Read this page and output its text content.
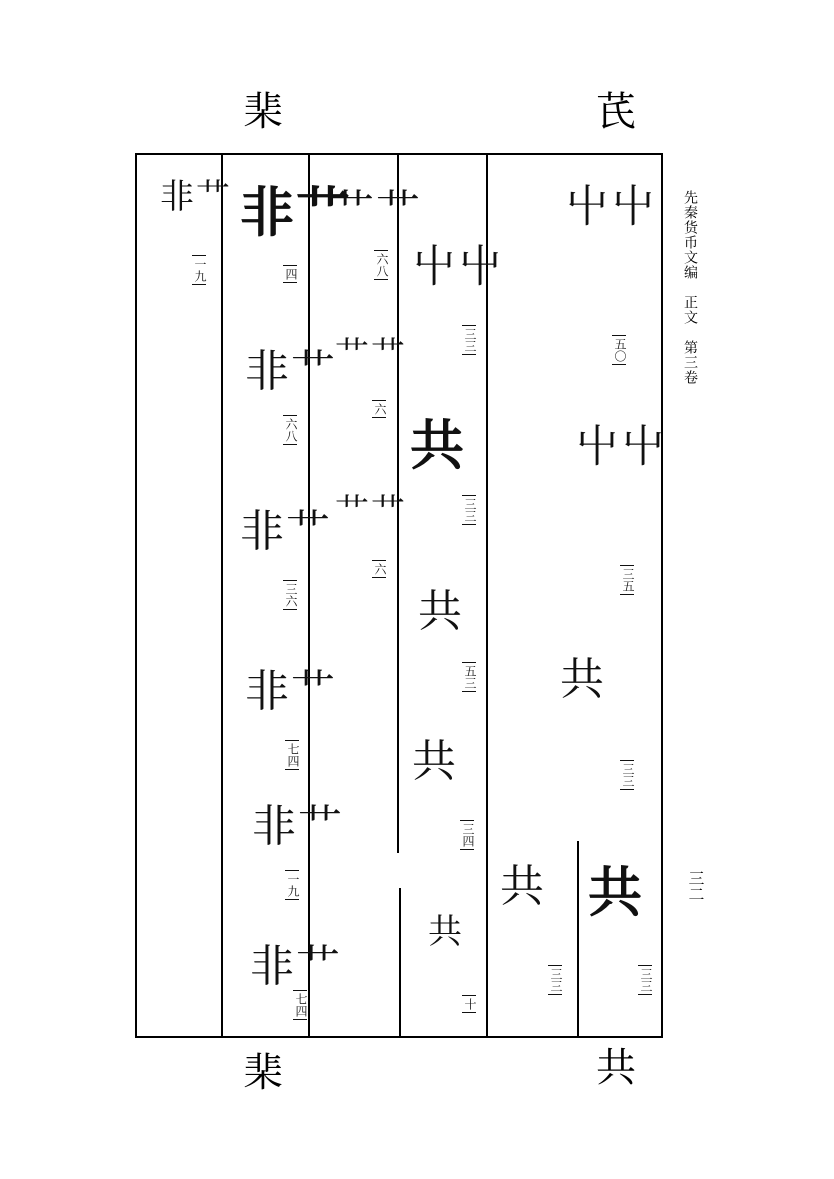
棐	芪
棐	共
先秦货币文编　正文　第三卷
三二
非艹
一九
非艹
四
非艹
六八
非艹
三六
非艹
七四
非艹
一九
非艹
七四
艹艹
六八
艹艹
六
艹艹
六
屮屮
三三
共
三三
共
五三
共
三四
共
十
屮屮
五〇
屮屮
三五
共
三三
共
三三
共
三三
